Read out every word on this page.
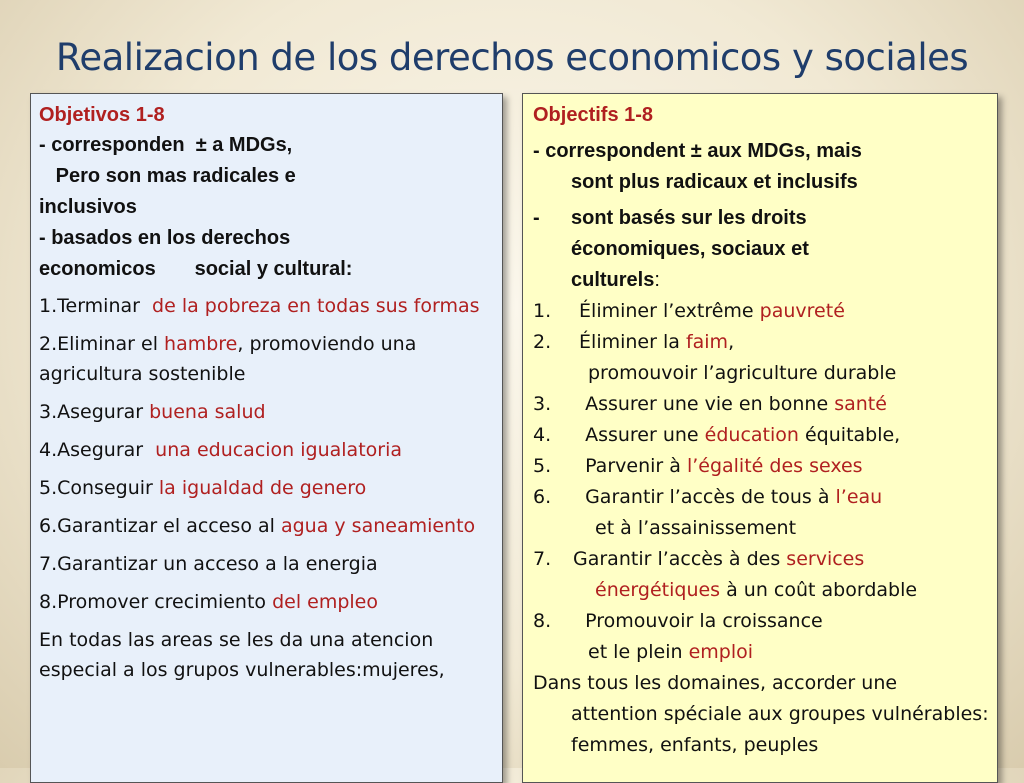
Realizacion de los derechos economicos y sociales
Objetivos 1-8
- corresponden  ± a MDGs,
Pero son mas radicales e
inclusivos
- basados en los derechos
economicos       social y cultural:
1.Terminar  de la pobreza en todas sus formas
2.Eliminar el hambre, promoviendo una agricultura sostenible
3.Asegurar buena salud
4.Asegurar  una educacion igualatoria
5.Conseguir la igualdad de genero
6.Garantizar el acceso al agua y saneamiento
7.Garantizar un acceso a la energia
8.Promover crecimiento del empleo
En todas las areas se les da una atencion especial a los grupos vulnerables:mujeres,
Objectifs 1-8
- correspondent ± aux MDGs, mais
sont plus radicaux et inclusifs
-	sont basés sur les droits
économiques, sociaux et
culturels:
1. Éliminer l’extrême pauvreté
2. Éliminer la faim,
promouvoir l’agriculture durable
3.  Assurer une vie en bonne santé
4.  Assurer une éducation équitable,
5.  Parvenir à l’égalité des sexes
6.  Garantir l’accès de tous à l’eau
et à l’assainissement
7. Garantir l’accès à des services
énergétiques à un coût abordable
8.  Promouvoir la croissance
et le plein emploi
Dans tous les domaines, accorder une
attention spéciale aux groupes vulnérables: femmes, enfants, peuples
